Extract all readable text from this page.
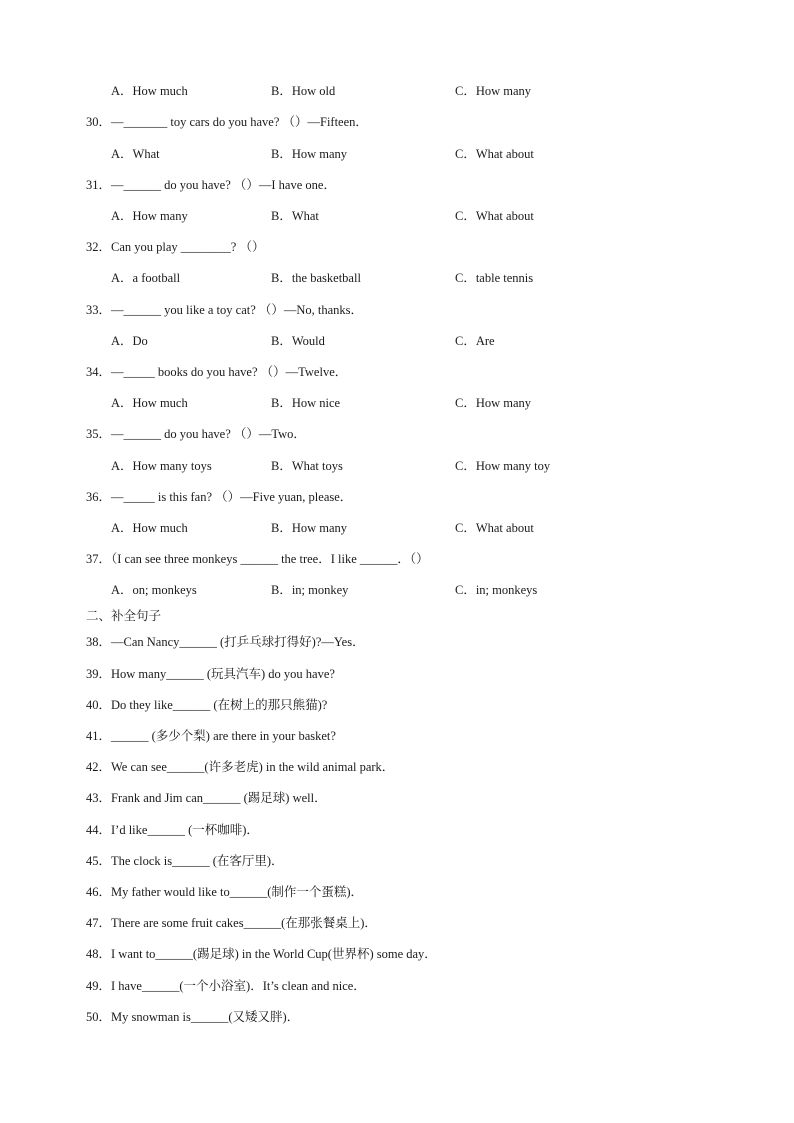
A．How much	B．How old	C．How many
30．—_______ toy cars do you have? （）—Fifteen．
A．What	B．How many	C．What about
31．—______ do you have? （）—I have one．
A．How many	B．What	C．What about
32．Can you play ________? （）
A．a football	B．the basketball	C．table tennis
33．—______ you like a toy cat? （）—No, thanks．
A．Do	B．Would	C．Are
34．—_____ books do you have? （）—Twelve．
A．How much	B．How nice	C．How many
35．—______ do you have? （）—Two．
A．How many toys	B．What toys	C．How many toy
36．—_____ is this fan? （）—Five yuan, please．
A．How much	B．How many	C．What about
37．（I can see three monkeys ______ the tree．I like ______．（）
A．on; monkeys	B．in; monkey	C．in; monkeys
二、补全句子
38．—Can Nancy______ (打乒乓球打得好)?—Yes．
39．How many______ (玩具汽车) do you have?
40．Do they like______ (在树上的那只熊猫)?
41．______ (多少个梨) are there in your basket?
42．We can see______(许多老虎) in the wild animal park．
43．Frank and Jim can______ (踢足球) well．
44．I’d like______ (一杯咖啡)．
45．The clock is______ (在客厅里)．
46．My father would like to______(制作一个蛋糕)．
47．There are some fruit cakes______(在那张餐桌上)．
48．I want to______(踢足球) in the World Cup(世界杯) some day．
49．I have______(一个小浴室)．It’s clean and nice．
50．My snowman is______(又矮又胖)．
